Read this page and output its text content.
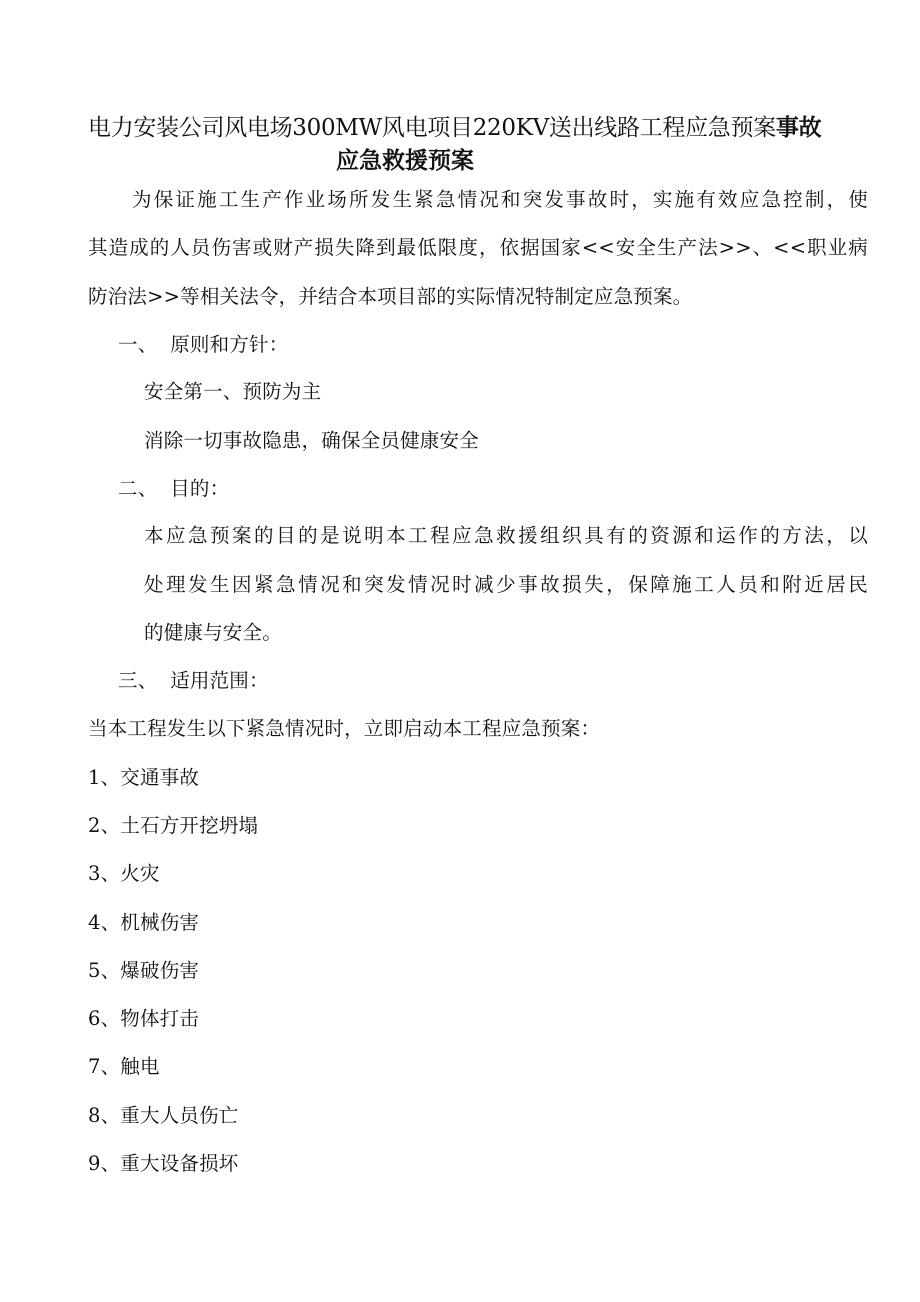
电力安装公司风电场300MW风电项目220KV送出线路工程应急预案事故
应急救援预案
为保证施工生产作业场所发生紧急情况和突发事故时，实施有效应急控制，使
其造成的人员伤害或财产损失降到最低限度，依据国家<<安全生产法>>、<<职业病
防治法>>等相关法令，并结合本项目部的实际情况特制定应急预案。
一、  原则和方针：
安全第一、预防为主
消除一切事故隐患，确保全员健康安全
二、  目的：
本应急预案的目的是说明本工程应急救援组织具有的资源和运作的方法，以
处理发生因紧急情况和突发情况时减少事故损失，保障施工人员和附近居民
的健康与安全。
三、  适用范围：
当本工程发生以下紧急情况时，立即启动本工程应急预案：
1、交通事故
2、土石方开挖坍塌
3、火灾
4、机械伤害
5、爆破伤害
6、物体打击
7、触电
8、重大人员伤亡
9、重大设备损坏
